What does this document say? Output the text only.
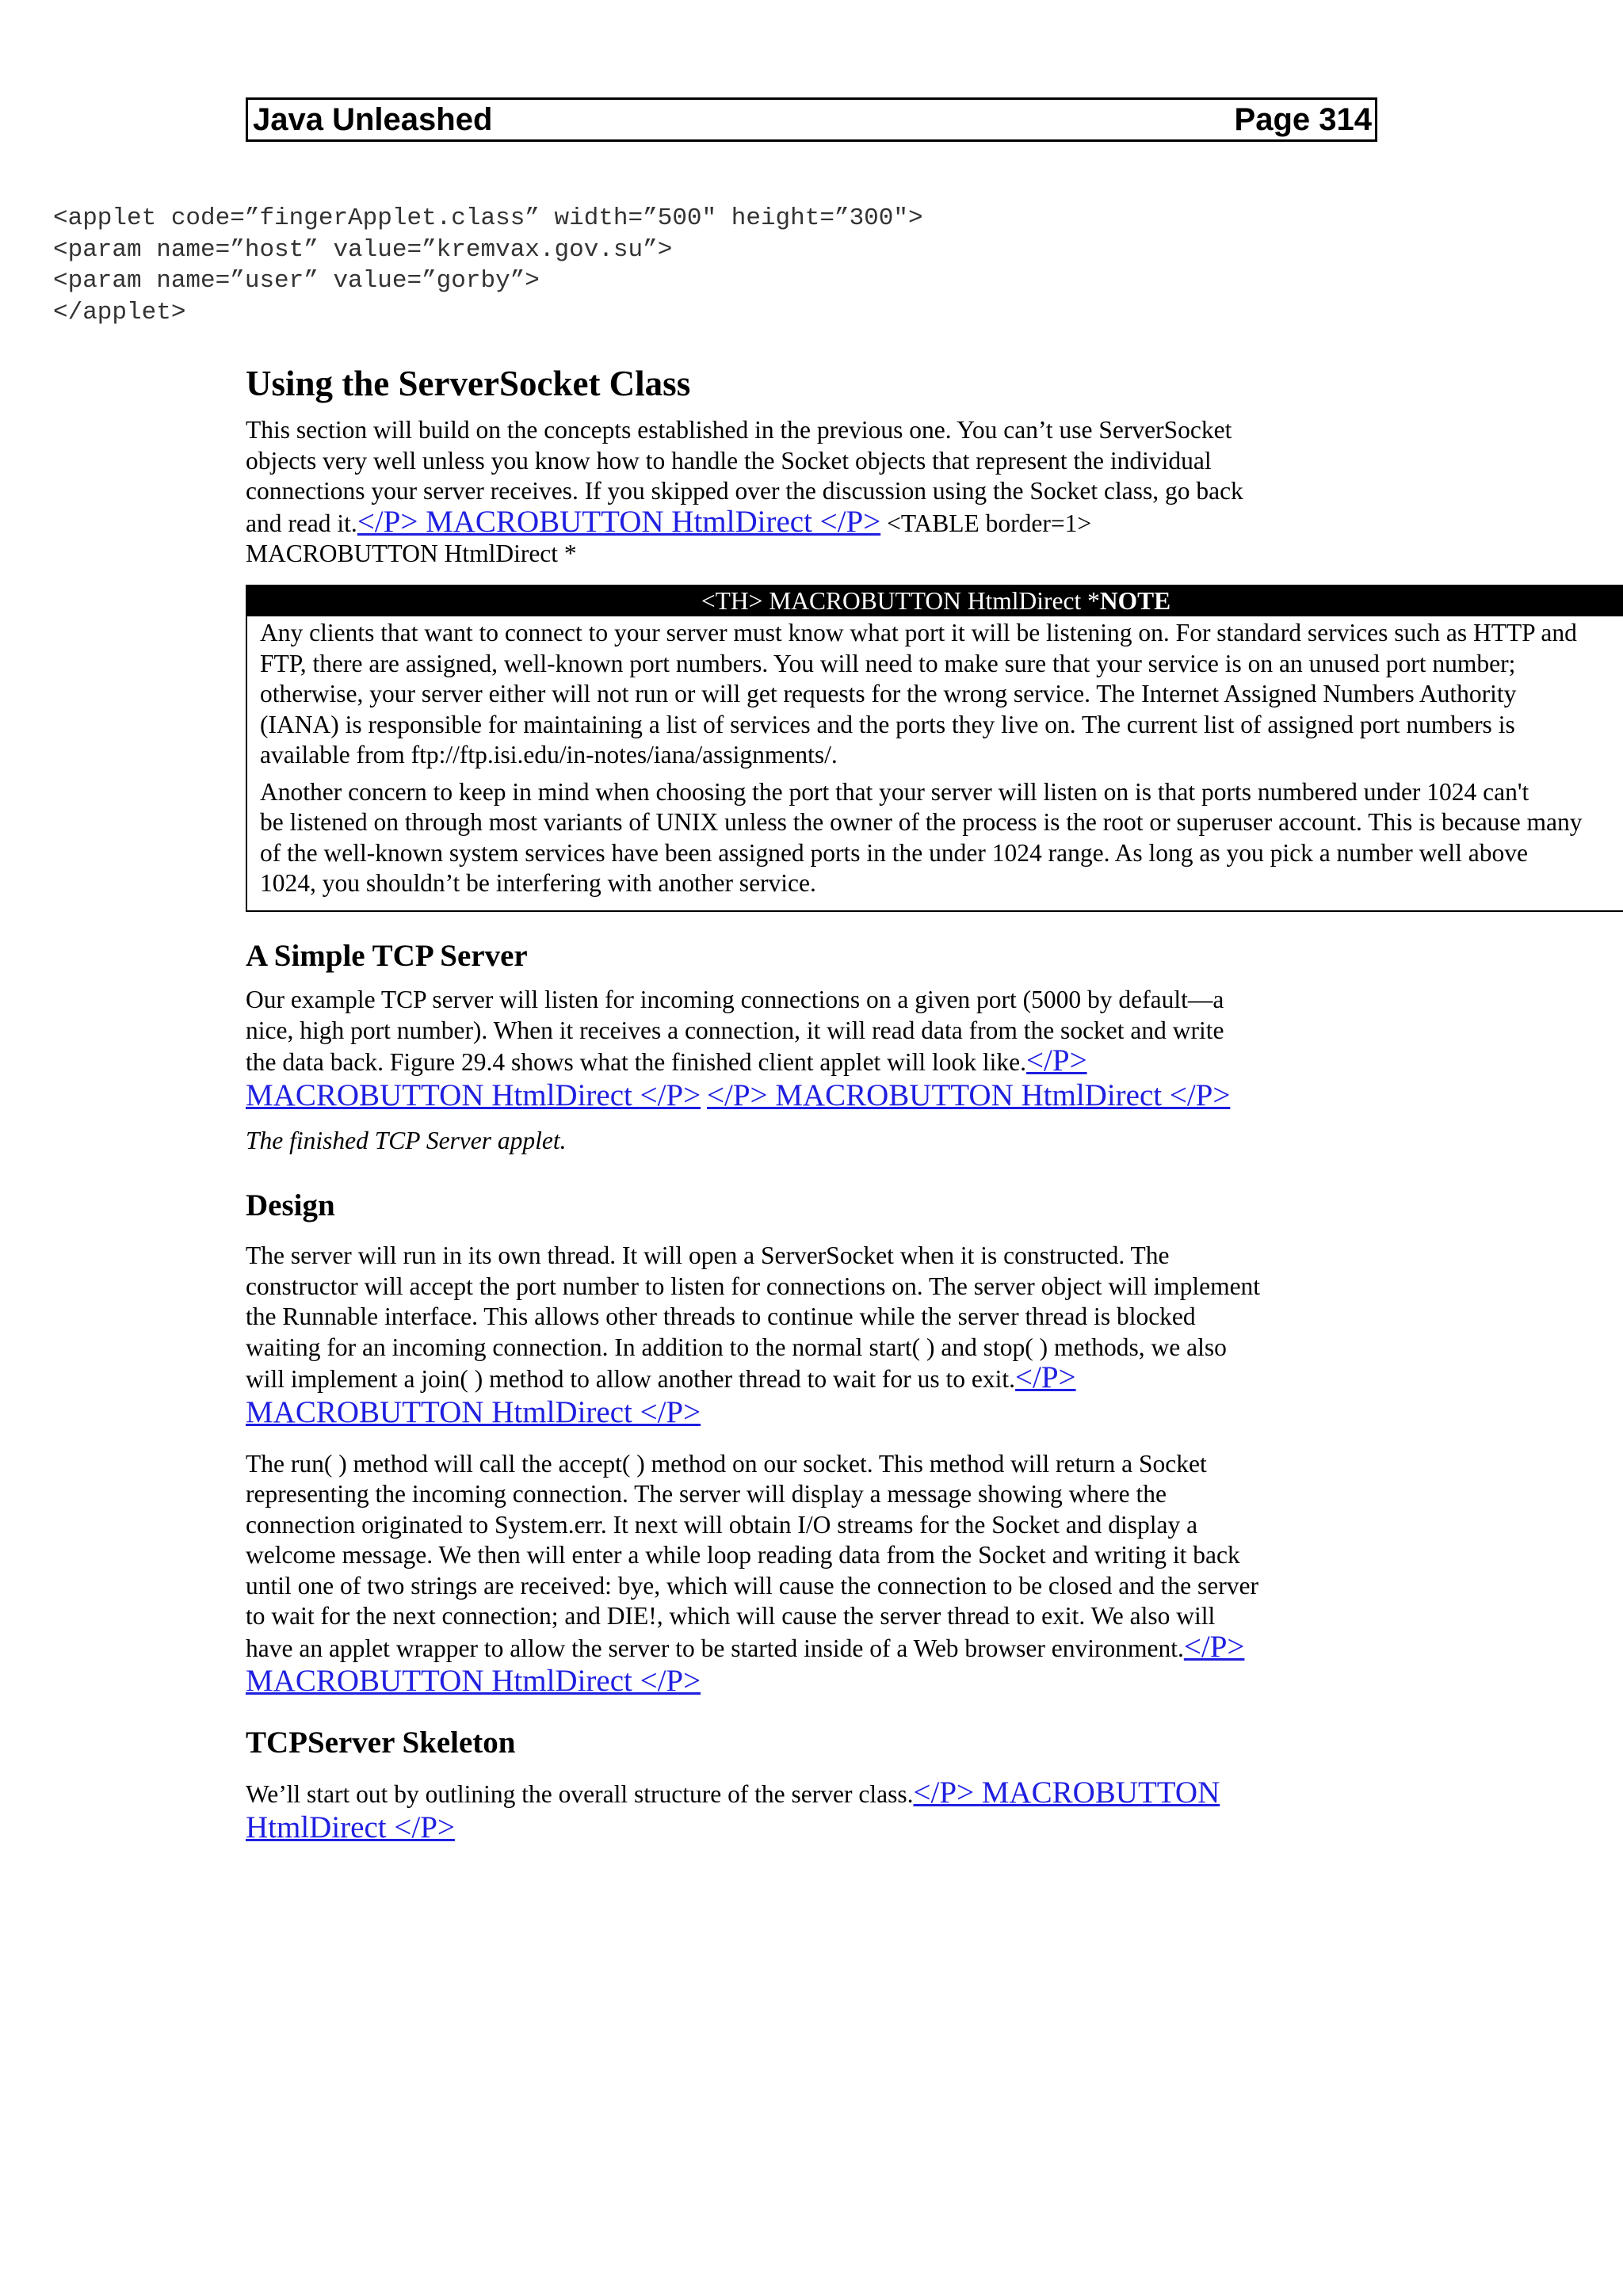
Java Unleashed	Page 314
<applet code=”fingerApplet.class” width=”500" height=”300">
<param name=”host” value=”kremvax.gov.su”>
<param name=”user” value=”gorby”>
</applet>
Using the ServerSocket Class
This section will build on the concepts established in the previous one. You can’t use ServerSocket
objects very well unless you know how to handle the Socket objects that represent the individual
connections your server receives. If you skipped over the discussion using the Socket class, go back
and read it.</P> MACROBUTTON HtmlDirect </P> <TABLE border=1>
MACROBUTTON HtmlDirect *
<TH> MACROBUTTON HtmlDirect *NOTE
Any clients that want to connect to your server must know what port it will be listening on. For standard services such as HTTP and
FTP, there are assigned, well-known port numbers. You will need to make sure that your service is on an unused port number;
otherwise, your server either will not run or will get requests for the wrong service. The Internet Assigned Numbers Authority
(IANA) is responsible for maintaining a list of services and the ports they live on. The current list of assigned port numbers is
available from ftp://ftp.isi.edu/in-notes/iana/assignments/.
Another concern to keep in mind when choosing the port that your server will listen on is that ports numbered under 1024 can't
be listened on through most variants of UNIX unless the owner of the process is the root or superuser account. This is because many
of the well-known system services have been assigned ports in the under 1024 range. As long as you pick a number well above
1024, you shouldn’t be interfering with another service.
A Simple TCP Server
Our example TCP server will listen for incoming connections on a given port (5000 by default—a
nice, high port number). When it receives a connection, it will read data from the socket and write
the data back. Figure 29.4 shows what the finished client applet will look like.</P>
MACROBUTTON HtmlDirect </P> </P> MACROBUTTON HtmlDirect </P>
The finished TCP Server applet.
Design
The server will run in its own thread. It will open a ServerSocket when it is constructed. The
constructor will accept the port number to listen for connections on. The server object will implement
the Runnable interface. This allows other threads to continue while the server thread is blocked
waiting for an incoming connection. In addition to the normal start( ) and stop( ) methods, we also
will implement a join( ) method to allow another thread to wait for us to exit.</P>
MACROBUTTON HtmlDirect </P>
The run( ) method will call the accept( ) method on our socket. This method will return a Socket
representing the incoming connection. The server will display a message showing where the
connection originated to System.err. It next will obtain I/O streams for the Socket and display a
welcome message. We then will enter a while loop reading data from the Socket and writing it back
until one of two strings are received: bye, which will cause the connection to be closed and the server
to wait for the next connection; and DIE!, which will cause the server thread to exit. We also will
have an applet wrapper to allow the server to be started inside of a Web browser environment.</P>
MACROBUTTON HtmlDirect </P>
TCPServer Skeleton
We’ll start out by outlining the overall structure of the server class.</P> MACROBUTTON
HtmlDirect </P>
